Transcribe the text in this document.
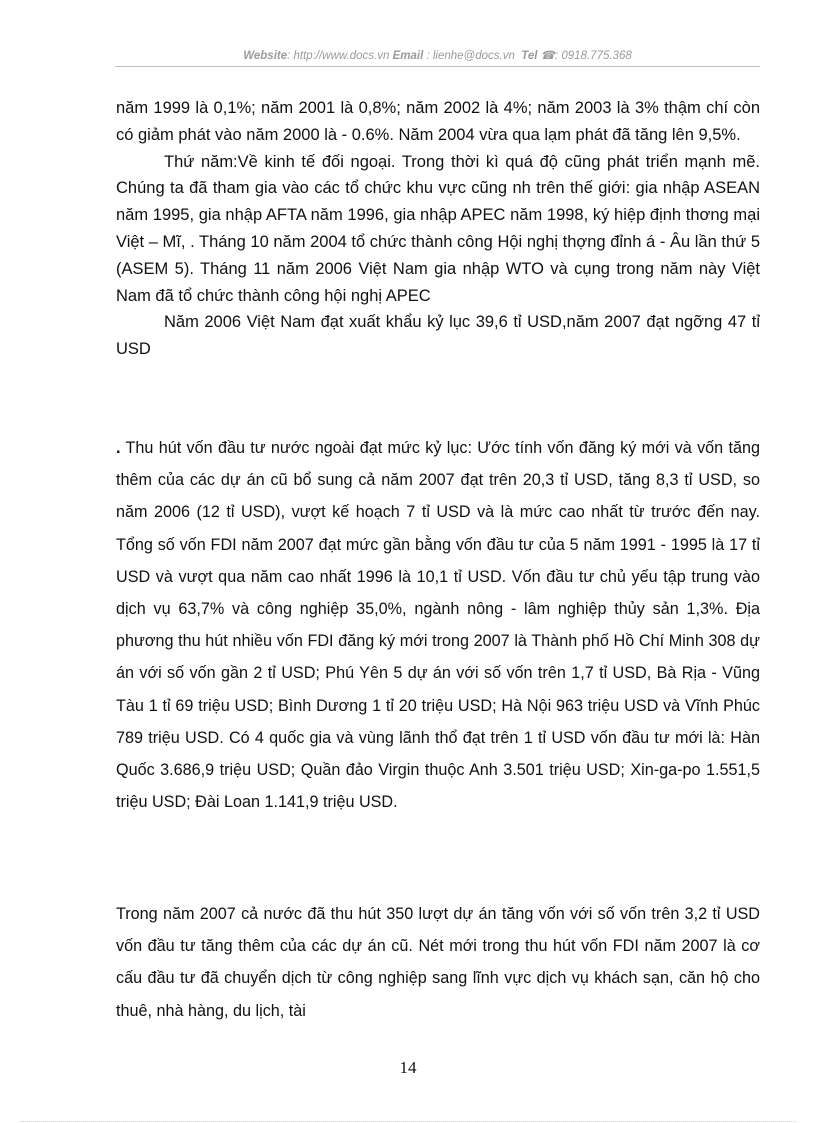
Website: http://www.docs.vn Email : lienhe@docs.vn Tel ☎: 0918.775.368

năm 1999 là 0,1%; năm 2001 là 0,8%; năm 2002 là 4%; năm 2003 là 3% thậm chí còn có giảm phát vào năm 2000 là - 0.6%. Năm 2004 vừa qua lạm phát đã tăng lên 9,5%.

Thứ năm:Về kinh tế đối ngoại. Trong thời kì quá độ cũng phát triển mạnh mẽ. Chúng ta đã tham gia vào các tổ chức khu vực cũng nh trên thế giới: gia nhập ASEAN năm 1995, gia nhập AFTA năm 1996, gia nhập APEC năm 1998, ký hiệp định thơng mại Việt – Mĩ, . Tháng 10 năm 2004 tổ chức thành công Hội nghị thợng đỉnh á - Âu lần thứ 5 (ASEM 5). Tháng 11 năm 2006 Việt Nam gia nhập WTO và cụng trong năm này Việt Nam đã tổ chức thành công hội nghị APEC

Năm 2006 Việt Nam đạt xuất khẩu kỷ lục 39,6 tỉ USD,năm 2007 đạt ngỡng 47 tỉ USD

. Thu hút vốn đầu tư nước ngoài đạt mức kỷ lục: Ước tính vốn đăng ký mới và vốn tăng thêm của các dự án cũ bổ sung cả năm 2007 đạt trên 20,3 tỉ USD, tăng 8,3 tỉ USD, so năm 2006 (12 tỉ USD), vượt kế hoạch 7 tỉ USD và là mức cao nhất từ trước đến nay. Tổng số vốn FDI năm 2007 đạt mức gần bằng vốn đầu tư của 5 năm 1991 - 1995 là 17 tỉ USD và vượt qua năm cao nhất 1996 là 10,1 tỉ USD. Vốn đầu tư chủ yếu tập trung vào dịch vụ 63,7% và công nghiệp 35,0%, ngành nông - lâm nghiệp thủy sản 1,3%. Địa phương thu hút nhiều vốn FDI đăng ký mới trong 2007 là Thành phố Hồ Chí Minh 308 dự án với số vốn gần 2 tỉ USD; Phú Yên 5 dự án với số vốn trên 1,7 tỉ USD, Bà Rịa - Vũng Tàu 1 tỉ 69 triệu USD; Bình Dương 1 tỉ 20 triệu USD; Hà Nội 963 triệu USD và Vĩnh Phúc 789 triệu USD. Có 4 quốc gia và vùng lãnh thổ đạt trên 1 tỉ USD vốn đầu tư mới là: Hàn Quốc 3.686,9 triệu USD; Quần đảo Virgin thuộc Anh 3.501 triệu USD; Xin-ga-po 1.551,5 triệu USD; Đài Loan 1.141,9 triệu USD.

Trong năm 2007 cả nước đã thu hút 350 lượt dự án tăng vốn với số vốn trên 3,2 tỉ USD vốn đầu tư tăng thêm của các dự án cũ. Nét mới trong thu hút vốn FDI năm 2007 là cơ cấu đầu tư đã chuyển dịch từ công nghiệp sang lĩnh vực dịch vụ khách sạn, căn hộ cho thuê, nhà hàng, du lịch, tài

14
